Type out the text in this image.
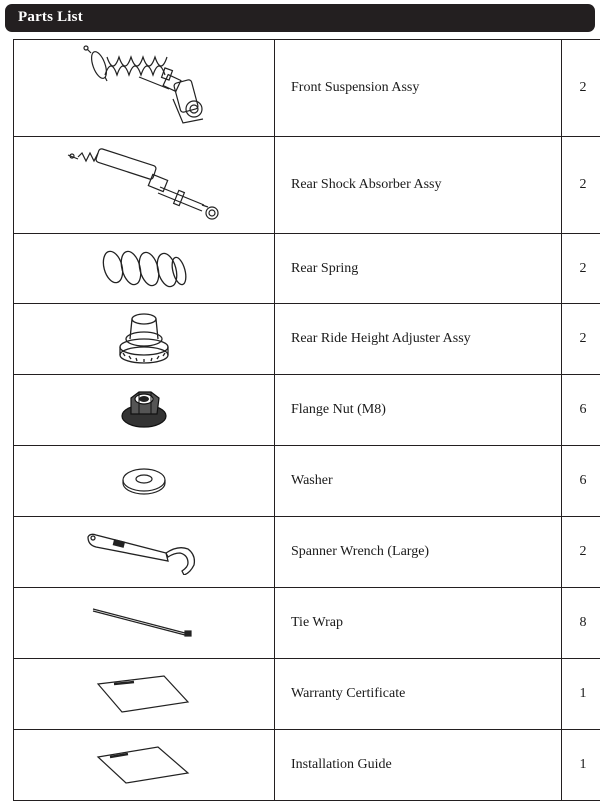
Parts List
	Front Suspension Assy	2

	Rear Shock Absorber Assy	2

	Rear Spring	2

	Rear Ride Height Adjuster Assy	2

	Flange Nut (M8)	6

	Washer	6

	Spanner Wrench (Large)	2

	Tie Wrap	8

	Warranty Certificate	1

	Installation Guide	1
